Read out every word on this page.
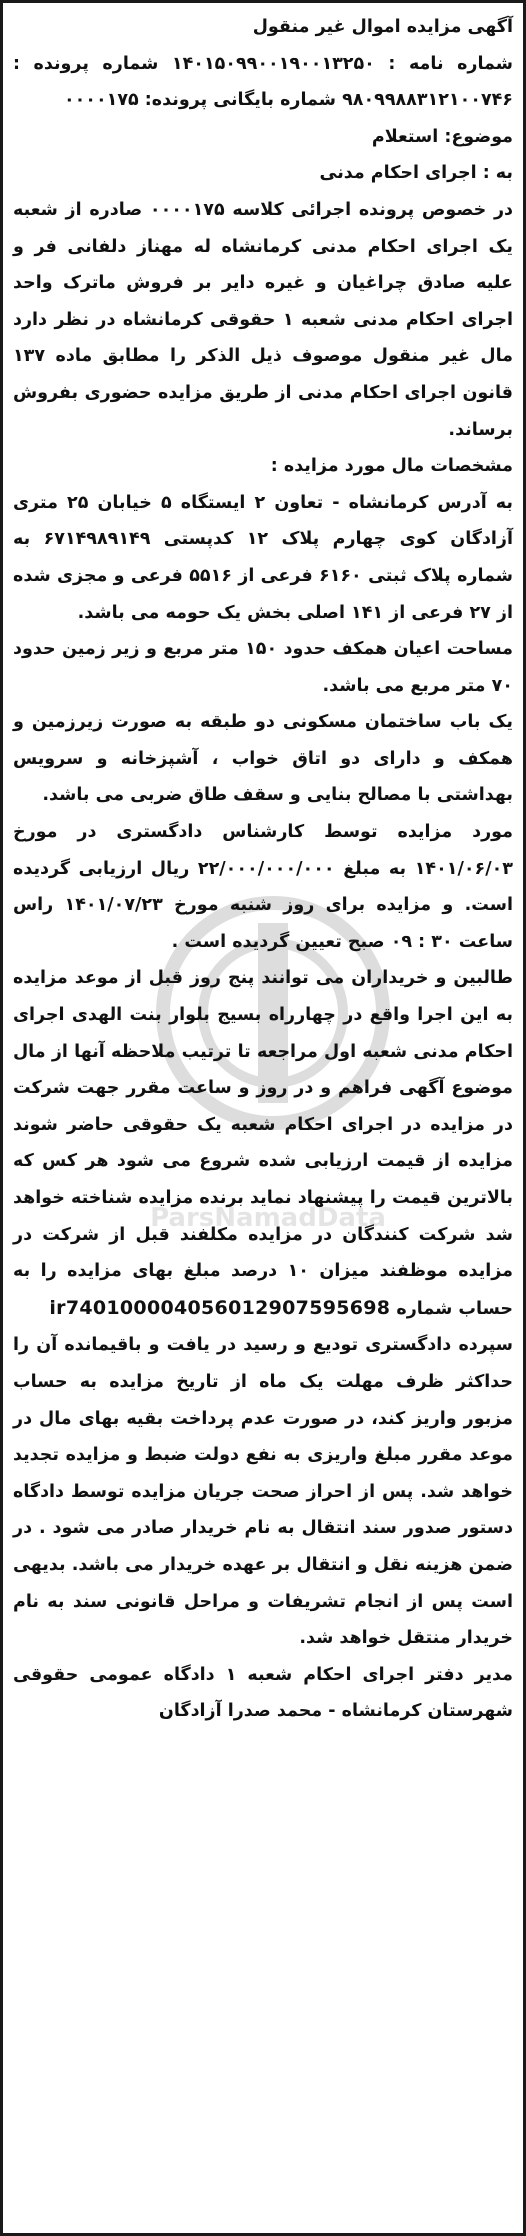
ParsNamadData

آگهی مزایده اموال غیر منقول

شماره نامه : ۱۴۰۱۵۰۹۹۰۰۱۹۰۰۱۳۲۵۰ شماره پرونده : ۹۸۰۹۹۸۸۳۱۲۱۰۰۷۴۶ شماره بایگانی پرونده: ۰۰۰۰۱۷۵

موضوع: استعلام

به : اجرای احکام مدنی

در خصوص پرونده اجرائی کلاسه ۰۰۰۰۱۷۵ صادره از شعبه یک اجرای احکام مدنی کرمانشاه له مهناز دلفانی فر و علیه صادق چراغیان و غیره دایر بر فروش ماترک واحد اجرای احکام مدنی شعبه ۱ حقوقی کرمانشاه در نظر دارد مال غیر منقول موصوف ذیل الذکر را مطابق ماده ۱۳۷ قانون اجرای احکام مدنی از طریق مزایده حضوری بفروش برساند.

مشخصات مال مورد مزایده :

به آدرس کرمانشاه - تعاون ۲ ایستگاه ۵ خیابان ۲۵ متری آزادگان کوی چهارم پلاک ۱۲ کدپستی ۶۷۱۴۹۸۹۱۴۹ به شماره پلاک ثبتی ۶۱۶۰ فرعی از ۵۵۱۶ فرعی و مجزی شده از ۲۷ فرعی از ۱۴۱ اصلی بخش یک حومه می باشد.

مساحت اعیان همکف حدود ۱۵۰ متر مربع و زیر زمین حدود ۷۰ متر مربع می باشد.

یک باب ساختمان مسکونی دو طبقه به صورت زیرزمین و همکف و دارای دو اتاق خواب ، آشپزخانه و سرویس بهداشتی با مصالح بنایی و سقف طاق ضربی می باشد.

مورد مزایده توسط کارشناس دادگستری در مورخ ۱۴۰۱/۰۶/۰۳ به مبلغ ۲۲/۰۰۰/۰۰۰/۰۰۰ ریال ارزیابی گردیده است. و مزایده برای روز شنبه مورخ ۱۴۰۱/۰۷/۲۳ راس ساعت ۳۰ : ۰۹ صبح تعیین گردیده است .

طالبین و خریداران می توانند پنج روز قبل از موعد مزایده به این اجرا واقع در چهارراه بسیج بلوار بنت الهدی اجرای احکام مدنی شعبه اول مراجعه تا ترتیب ملاحظه آنها از مال موضوع آگهی فراهم و در روز و ساعت مقرر جهت شرکت در مزایده در اجرای احکام شعبه یک حقوقی حاضر شوند مزایده از قیمت ارزیابی شده شروع می شود هر کس که بالاترین قیمت را پیشنهاد نماید برنده مزایده شناخته خواهد شد شرکت کنندگان در مزایده مکلفند قبل از شرکت در مزایده موظفند میزان ۱۰ درصد مبلغ بهای مزایده را به حساب شماره ir740100004056012907595698

سپرده دادگستری توديع و رسيد در يافت و باقيمانده آن را حداكثر ظرف مهلت يک ماه از تاريخ مزايده به حساب مزبور واريز كند، در صورت عدم پرداخت بقيه بهای مال در موعد مقرر مبلغ واریزی به نفع دولت ضبط و مزایده تجدید خواهد شد. پس از احراز صحت جریان مزایده توسط دادگاه دستور صدور سند انتقال به نام خریدار صادر می شود . در ضمن هزینه نقل و انتقال بر عهده خریدار می باشد. بدیهی است پس از انجام تشریفات و مراحل قانونی سند به نام خریدار منتقل خواهد شد.

مدیر دفتر اجرای احکام شعبه ۱ دادگاه عمومی حقوقی شهرستان کرمانشاه - محمد صدرا آزادگان
